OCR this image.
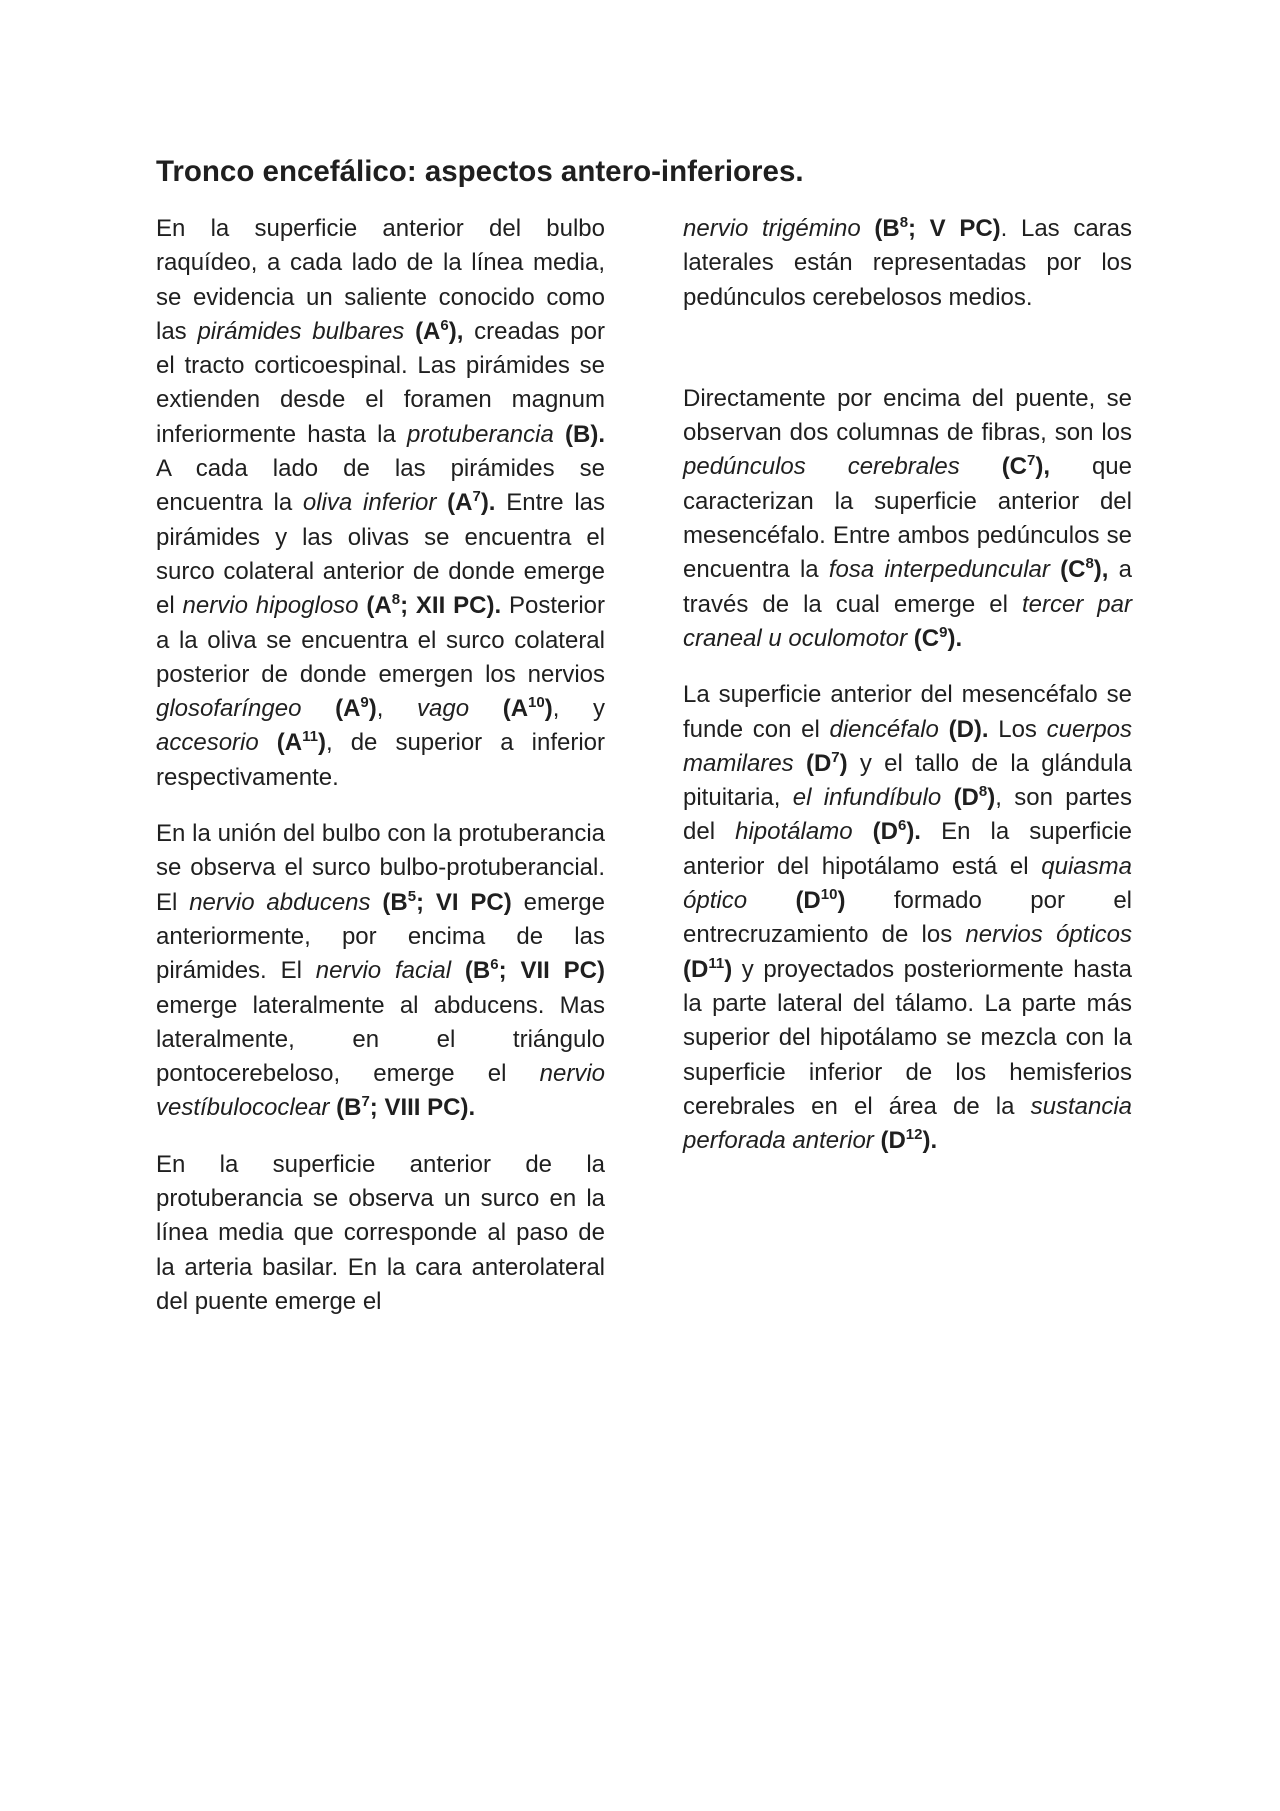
Tronco encefálico: aspectos antero-inferiores.

En la superficie anterior del bulbo raquídeo, a cada lado de la línea media, se evidencia un saliente conocido como las pirámides bulbares $(A^6)$, creadas por el tracto corticoespinal. Las pirámides se extienden desde el foramen magnum inferiormente hasta la protuberancia (B). A cada lado de las pirámides se encuentra la oliva inferior $(A^7)$. Entre las pirámides y las olivas se encuentra el surco colateral anterior de donde emerge el nervio hipogloso ($A^8$; XII PC). Posterior a la oliva se encuentra el surco colateral posterior de donde emergen los nervios glosofaríngeo $(A^9)$, vago $(A^{10})$, y accesorio $(A^{11})$, de superior a inferior respectivamente.

En la unión del bulbo con la protuberancia se observa el surco bulbo-protuberancial. El nervio abducens ($B^5$; VI PC) emerge anteriormente, por encima de las pirámides. El nervio facial ($B^6$; VII PC) emerge lateralmente al abducens. Mas lateralmente, en el triángulo pontocerebeloso, emerge el nervio vestíbulococlear ($B^7$; VIII PC).

En la superficie anterior de la protuberancia se observa un surco en la línea media que corresponde al paso de la arteria basilar. En la cara anterolateral del puente emerge el

nervio trigémino ($B^8$; V PC). Las caras laterales están representadas por los pedúnculos cerebelosos medios.

Directamente por encima del puente, se observan dos columnas de fibras, son los pedúnculos cerebrales $(C^7)$, que caracterizan la superficie anterior del mesencéfalo. Entre ambos pedúnculos se encuentra la fosa interpeduncular $(C^8)$, a través de la cual emerge el tercer par craneal u oculomotor $(C^9)$.

La superficie anterior del mesencéfalo se funde con el diencéfalo (D). Los cuerpos mamilares $(D^7)$ y el tallo de la glándula pituitaria, el infundíbulo $(D^8)$, son partes del hipotálamo $(D^6)$. En la superficie anterior del hipotálamo está el quiasma óptico $(D^{10})$ formado por el entrecruzamiento de los nervios ópticos $(D^{11})$ y proyectados posteriormente hasta la parte lateral del tálamo. La parte más superior del hipotálamo se mezcla con la superficie inferior de los hemisferios cerebrales en el área de la sustancia perforada anterior $(D^{12})$.
